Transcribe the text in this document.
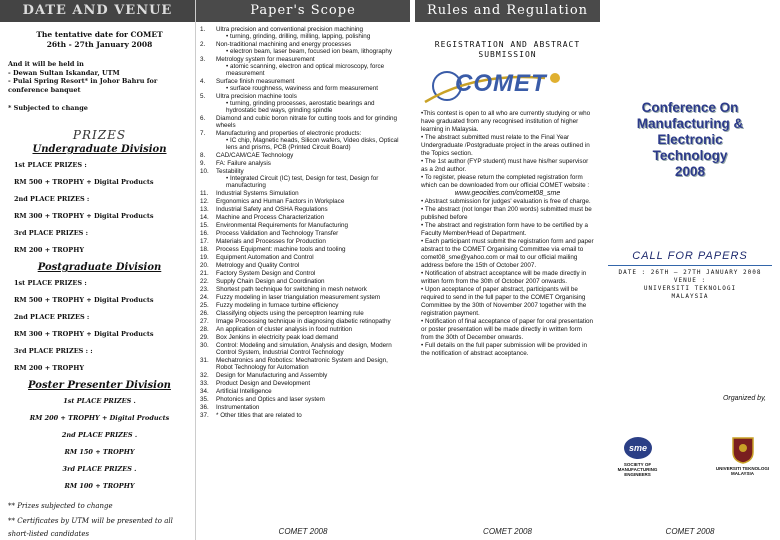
DATE AND VENUE
The tentative date for COMET
26th - 27th January 2008
And it will be held in
- Dewan Sultan Iskandar, UTM
- Pulai Spring Resort* in Johor Bahru for
conference banquet
* Subjected to change
PRIZES
Undergraduate Division
1st PLACE PRIZES :
RM 500 + TROPHY + Digital Products
2nd PLACE PRIZES :
RM 300 + TROPHY + Digital Products
3rd PLACE PRIZES :
RM 200 + TROPHY
Postgraduate Division
1st PLACE PRIZES :
RM 500 + TROPHY + Digital Products
2nd PLACE PRIZES :
RM 300 + TROPHY + Digital Products
3rd PLACE PRIZES : :
RM 200 + TROPHY
Poster Presenter Division
1st PLACE PRIZES .
RM 200 + TROPHY + Digital Products
2nd PLACE PRIZES .
RM 150 + TROPHY
3rd PLACE PRIZES .
RM 100 + TROPHY
** Prizes subjected to change
** Certificates by UTM will be presented to all
short-listed candidates
Paper's Scope
1.	Ultra precision and conventional precision machining
• turning, grinding, drilling, milling, lapping, polishing
2.	Non-traditional machining and energy processes
• electron beam, laser beam, focused ion beam, lithography
3.	Metrology system for measurement
• atomic scanning, electron and optical microscopy, force measurement
4.	Surface finish measurement
• surface roughness, waviness and form measurement
5.	Ultra precision machine tools
• turning, grinding processes, aerostatic bearings and hydrostatic bed ways, grinding spindle
6.	Diamond and cubic boron nitrate for cutting tools and for grinding wheels
7.	Manufacturing and properties of electronic products:
• IC chip, Magnetic heads, Silicon wafers, Video disks, Optical lens and prisms, PCB (Printed Circuit Board)
8.	CAD/CAM/CAE Technology
9.	FA: Failure analysis
10.	Testability
• Integrated Circuit (IC) test, Design for test, Design for manufacturing
11.	Industrial Systems Simulation
12.	Ergonomics and Human Factors in Workplace
13.	Industrial Safety and OSHA Regulations
14.	Machine and Process Characterization
15.	Environmental Requirements for Manufacturing
16.	Process Validation and Technology Transfer
17.	Materials and Processes for Production
18.	Process Equipment: machine tools and tooling
19.	Equipment Automation and Control
20.	Metrology and Quality Control
21.	Factory System Design and Control
22.	Supply Chain Design and Coordination
23.	Shortest path technique for switching in mesh network
24.	Fuzzy modeling in laser triangulation measurement system
25.	Fuzzy modeling in furnace turbine efficiency
26.	Classifying objects using the perceptron learning rule
27.	Image Processing technique in diagnosing diabetic retinopathy
28.	An application of cluster analysis in food nutrition
29.	Box Jenkins in electricity peak load demand
30.	Control: Modeling and simulation, Analysis and design, Modern Control System, Industrial Control Technology
31.	Mechatronics and Robotics: Mechatronic System and Design, Robot Technology for Automation
32.	Design for Manufacturing and Assembly
33.	Product Design and Development
34.	Artificial Intelligence
35.	Photonics and Optics and laser system
36.	Instrumentation
37.	* Other titles that are related to
COMET 2008
Rules and Regulation
REGISTRATION AND ABSTRACT
SUBMISSION
COMET

•This contest is open to all who are currently studying or who have graduated from any recognised institution of higher learning in Malaysia.

• The abstract submitted must relate to the Final Year Undergraduate /Postgraduate project in the areas outlined in the Topics section.

• The 1st author (FYP student) must have his/her supervisor as a 2nd author.

• To register, please return the completed registration form which can be downloaded from our official COMET website :

www.geocities.com/comet08_sme

• Abstract submission for judges' evaluation is free of charge.

• The abstract (not longer than 200 words) submitted must be published before

• The abstract and registration form have to be certified by a Faculty Member/Head of Department.

• Each participant must submit the registration form and paper abstract to the COMET Organising Committee via email to comet08_sme@yahoo.com or mail to our official mailing address before the 15th of October 2007.

• Notification of abstract acceptance will be made directly in written form from the 30th of October 2007 onwards.

• Upon acceptance of paper abstract, participants will be required to send in the full paper to the COMET Organising Committee by the 30th of November 2007 together with the registration payment.

• Notification of final acceptance of paper for oral presentation or poster presentation will be made directly in written form from the 30th of December onwards.

• Full details on the full paper submission will be provided in the notification of abstract acceptance.

COMET 2008
Conference On
Manufacturing &
Electronic
Technology
2008
CALL FOR PAPERS
DATE : 26TH – 27TH JANUARY 2008
VENUE :
UNIVERSITI TEKNOLOGI
MALAYSIA
Organized by,
sme
SOCIETY OF MANUFACTURING ENGINEERS
UNIVERSITI TEKNOLOGI MALAYSIA
COMET 2008
